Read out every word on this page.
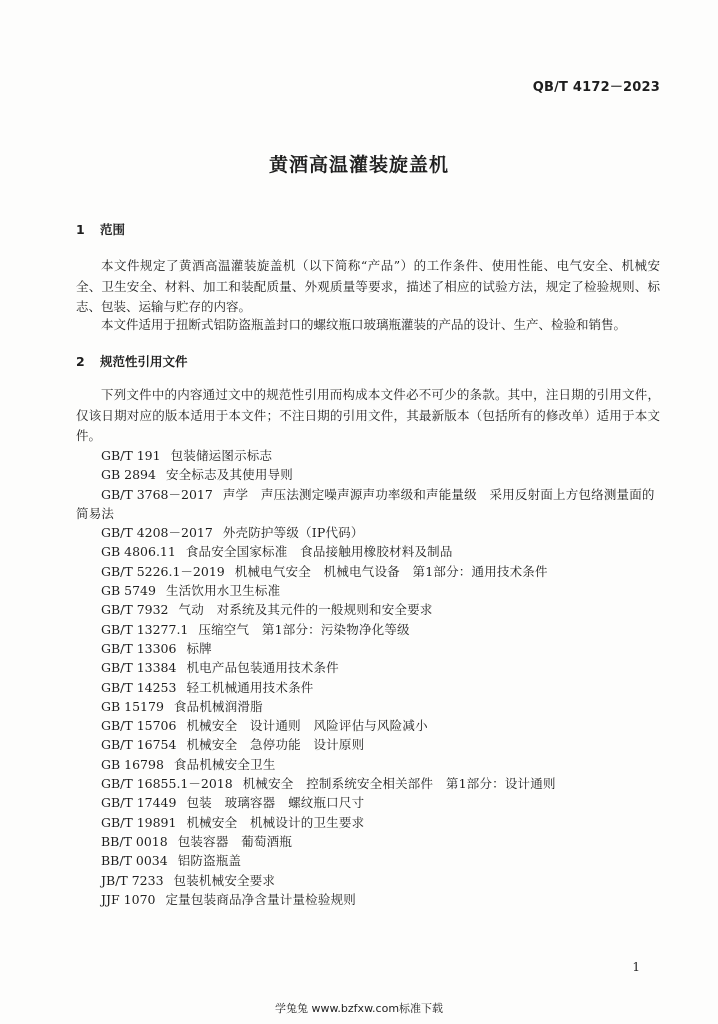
QB/T 4172－2023
黄酒高温灌装旋盖机
1 范围
本文件规定了黄酒高温灌装旋盖机（以下简称“产品”）的工作条件、使用性能、电气安全、机械安全、卫生安全、材料、加工和装配质量、外观质量等要求，描述了相应的试验方法，规定了检验规则、标志、包装、运输与贮存的内容。
本文件适用于扭断式铝防盗瓶盖封口的螺纹瓶口玻璃瓶灌装的产品的设计、生产、检验和销售。
2 规范性引用文件
下列文件中的内容通过文中的规范性引用而构成本文件必不可少的条款。其中，注日期的引用文件，仅该日期对应的版本适用于本文件；不注日期的引用文件，其最新版本（包括所有的修改单）适用于本文件。
GB/T 191 包装储运图示标志
GB 2894 安全标志及其使用导则
GB/T 3768－2017 声学　声压法测定噪声源声功率级和声能量级　采用反射面上方包络测量面的简易法
GB/T 4208－2017 外壳防护等级（IP代码）
GB 4806.11 食品安全国家标准　食品接触用橡胶材料及制品
GB/T 5226.1－2019 机械电气安全　机械电气设备　第1部分：通用技术条件
GB 5749 生活饮用水卫生标准
GB/T 7932 气动　对系统及其元件的一般规则和安全要求
GB/T 13277.1 压缩空气　第1部分：污染物净化等级
GB/T 13306 标牌
GB/T 13384 机电产品包装通用技术条件
GB/T 14253 轻工机械通用技术条件
GB 15179 食品机械润滑脂
GB/T 15706 机械安全　设计通则　风险评估与风险减小
GB/T 16754 机械安全　急停功能　设计原则
GB 16798 食品机械安全卫生
GB/T 16855.1－2018 机械安全　控制系统安全相关部件　第1部分：设计通则
GB/T 17449 包装　玻璃容器　螺纹瓶口尺寸
GB/T 19891 机械安全　机械设计的卫生要求
BB/T 0018 包装容器　葡萄酒瓶
BB/T 0034 铝防盗瓶盖
JB/T 7233 包装机械安全要求
JJF 1070 定量包装商品净含量计量检验规则
1
学兔兔 www.bzfxw.com标准下载
